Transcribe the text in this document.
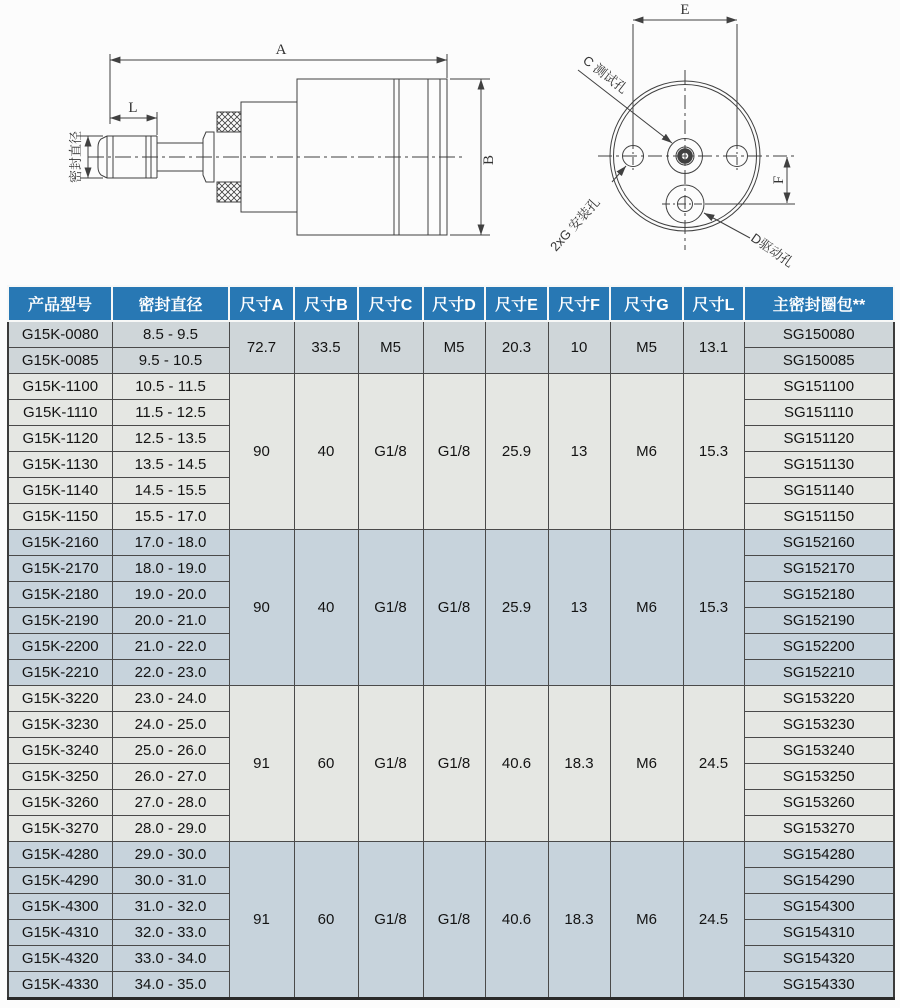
A
L
B
密封直径
E
F
C 测试孔
2xG 安装孔	D驱动孔
产品型号	密封直径	尺寸A	尺寸B	尺寸C	尺寸D	尺寸E	尺寸F	尺寸G	尺寸L	主密封圈包**
G15K-0080	8.5 - 9.5	72.7	33.5	M5	M5	20.3	10	M5	13.1	SG150080
G15K-0085	9.5 - 10.5									SG150085
G15K-1100	10.5 - 11.5	90	40	G1/8	G1/8	25.9	13	M6	15.3	SG151100
G15K-1110	11.5 - 12.5									SG151110
G15K-1120	12.5 - 13.5									SG151120
G15K-1130	13.5 - 14.5									SG151130
G15K-1140	14.5 - 15.5									SG151140
G15K-1150	15.5 - 17.0									SG151150
G15K-2160	17.0 - 18.0	90	40	G1/8	G1/8	25.9	13	M6	15.3	SG152160
G15K-2170	18.0 - 19.0									SG152170
G15K-2180	19.0 - 20.0									SG152180
G15K-2190	20.0 - 21.0									SG152190
G15K-2200	21.0 - 22.0									SG152200
G15K-2210	22.0 - 23.0									SG152210
G15K-3220	23.0 - 24.0	91	60	G1/8	G1/8	40.6	18.3	M6	24.5	SG153220
G15K-3230	24.0 - 25.0									SG153230
G15K-3240	25.0 - 26.0									SG153240
G15K-3250	26.0 - 27.0									SG153250
G15K-3260	27.0 - 28.0									SG153260
G15K-3270	28.0 - 29.0									SG153270
G15K-4280	29.0 - 30.0	91	60	G1/8	G1/8	40.6	18.3	M6	24.5	SG154280
G15K-4290	30.0 - 31.0									SG154290
G15K-4300	31.0 - 32.0									SG154300
G15K-4310	32.0 - 33.0									SG154310
G15K-4320	33.0 - 34.0									SG154320
G15K-4330	34.0 - 35.0									SG154330
